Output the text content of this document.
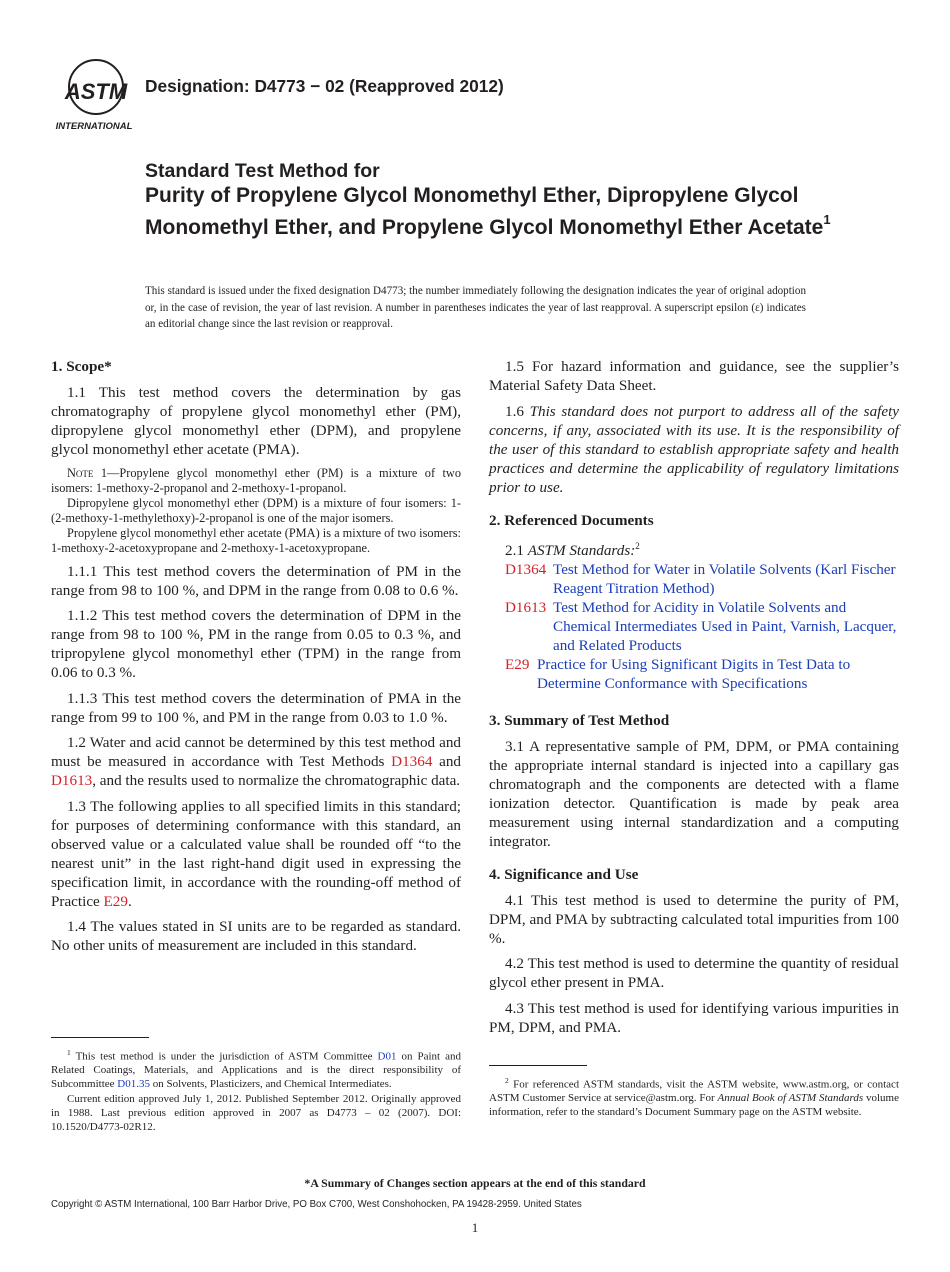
ASTM
INTERNATIONAL
Designation: D4773 − 02 (Reapproved 2012)
Standard Test Method for
Purity of Propylene Glycol Monomethyl Ether, Dipropylene Glycol Monomethyl Ether, and Propylene Glycol Monomethyl Ether Acetate$^1$
This standard is issued under the fixed designation D4773; the number immediately following the designation indicates the year of original adoption or, in the case of revision, the year of last revision. A number in parentheses indicates the year of last reapproval. A superscript epsilon (ε) indicates an editorial change since the last revision or reapproval.
1. Scope*

1.1 This test method covers the determination by gas chromatography of propylene glycol monomethyl ether (PM), dipropylene glycol monomethyl ether (DPM), and propylene glycol monomethyl ether acetate (PMA).

Note 1—Propylene glycol monomethyl ether (PM) is a mixture of two isomers: 1-methoxy-2-propanol and 2-methoxy-1-propanol.

Dipropylene glycol monomethyl ether (DPM) is a mixture of four isomers: 1-(2-methoxy-1-methylethoxy)-2-propanol is one of the major isomers.

Propylene glycol monomethyl ether acetate (PMA) is a mixture of two isomers: 1-methoxy-2-acetoxypropane and 2-methoxy-1-acetoxypropane.

1.1.1 This test method covers the determination of PM in the range from 98 to 100 %, and DPM in the range from 0.08 to 0.6 %.

1.1.2 This test method covers the determination of DPM in the range from 98 to 100 %, PM in the range from 0.05 to 0.3 %, and tripropylene glycol monomethyl ether (TPM) in the range from 0.06 to 0.3 %.

1.1.3 This test method covers the determination of PMA in the range from 99 to 100 %, and PM in the range from 0.03 to 1.0 %.

1.2 Water and acid cannot be determined by this test method and must be measured in accordance with Test Methods D1364 and D1613, and the results used to normalize the chromatographic data.

1.3 The following applies to all specified limits in this standard; for purposes of determining conformance with this standard, an observed value or a calculated value shall be rounded off “to the nearest unit” in the last right-hand digit used in expressing the specification limit, in accordance with the rounding-off method of Practice E29.

1.4 The values stated in SI units are to be regarded as standard. No other units of measurement are included in this standard.

1.5 For hazard information and guidance, see the supplier’s Material Safety Data Sheet.

1.6 This standard does not purport to address all of the safety concerns, if any, associated with its use. It is the responsibility of the user of this standard to establish appropriate safety and health practices and determine the applicability of regulatory limitations prior to use.

2. Referenced Documents

2.1 ASTM Standards:$^2$

D1364 Test Method for Water in Volatile Solvents (Karl Fischer Reagent Titration Method)
D1613 Test Method for Acidity in Volatile Solvents and Chemical Intermediates Used in Paint, Varnish, Lacquer, and Related Products
E29 Practice for Using Significant Digits in Test Data to Determine Conformance with Specifications
3. Summary of Test Method

3.1 A representative sample of PM, DPM, or PMA containing the appropriate internal standard is injected into a capillary gas chromatograph and the components are detected with a flame ionization detector. Quantification is made by peak area measurement using internal standardization and a computing integrator.

4. Significance and Use

4.1 This test method is used to determine the purity of PM, DPM, and PMA by subtracting calculated total impurities from 100 %.

4.2 This test method is used to determine the quantity of residual glycol ether present in PMA.

4.3 This test method is used for identifying various impurities in PM, DPM, and PMA.

$^1$ This test method is under the jurisdiction of ASTM Committee D01 on Paint and Related Coatings, Materials, and Applications and is the direct responsibility of Subcommittee D01.35 on Solvents, Plasticizers, and Chemical Intermediates.

Current edition approved July 1, 2012. Published September 2012. Originally approved in 1988. Last previous edition approved in 2007 as D4773 – 02 (2007). DOI: 10.1520/D4773-02R12.

$^2$ For referenced ASTM standards, visit the ASTM website, www.astm.org, or contact ASTM Customer Service at service@astm.org. For Annual Book of ASTM Standards volume information, refer to the standard’s Document Summary page on the ASTM website.

*A Summary of Changes section appears at the end of this standard
Copyright © ASTM International, 100 Barr Harbor Drive, PO Box C700, West Conshohocken, PA 19428-2959. United States
1
